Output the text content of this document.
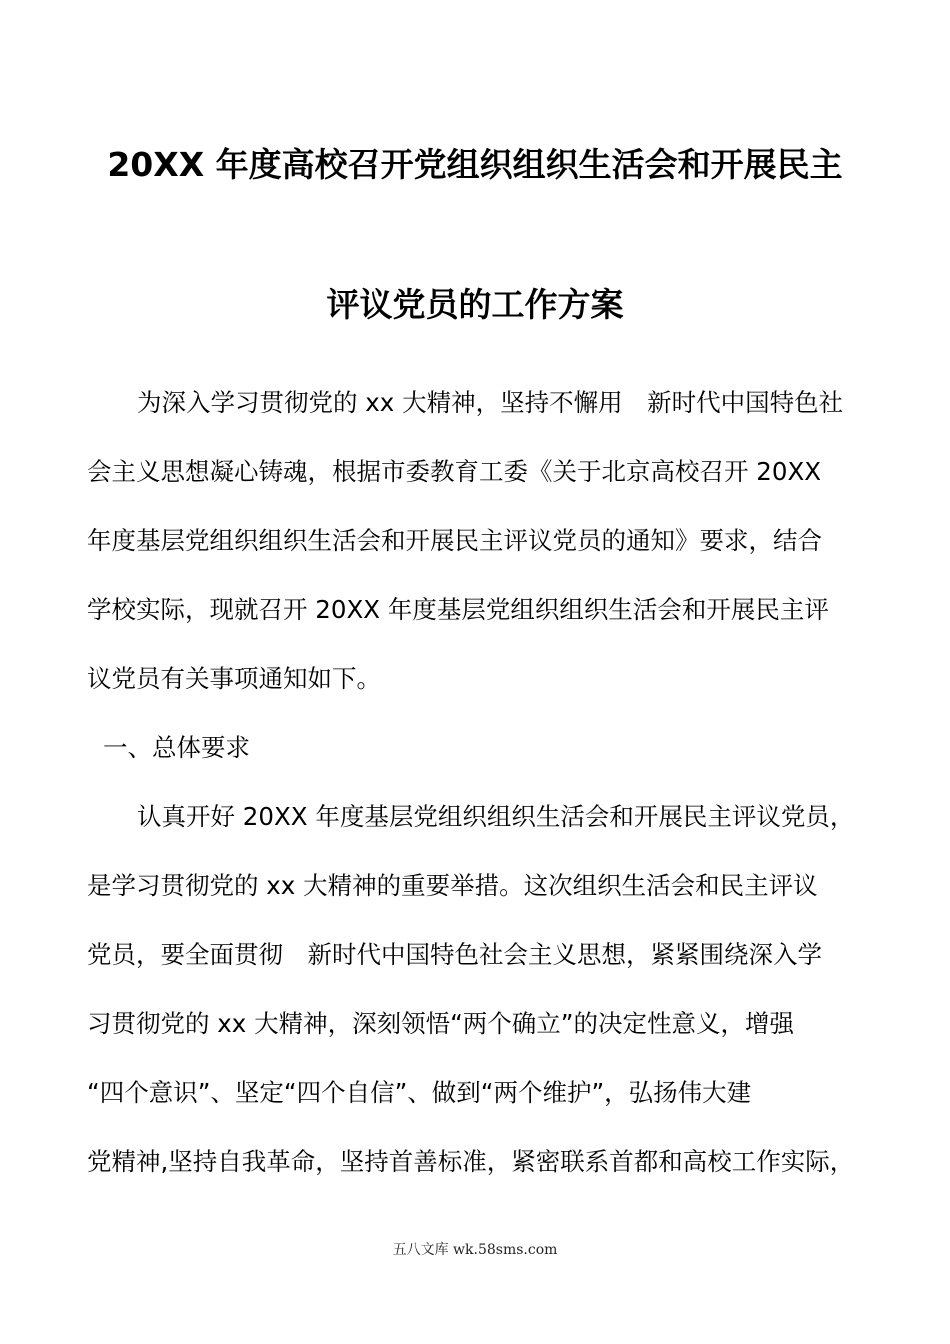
20XX 年度高校召开党组织组织生活会和开展民主
评议党员的工作方案
为深入学习贯彻党的 xx 大精神，坚持不懈用　新时代中国特色社
会主义思想凝心铸魂，根据市委教育工委《关于北京高校召开 20XX
年度基层党组织组织生活会和开展民主评议党员的通知》要求，结合
学校实际，现就召开 20XX 年度基层党组织组织生活会和开展民主评
议党员有关事项通知如下。
一、总体要求
认真开好 20XX 年度基层党组织组织生活会和开展民主评议党员，
是学习贯彻党的 xx 大精神的重要举措。这次组织生活会和民主评议
党员，要全面贯彻　新时代中国特色社会主义思想，紧紧围绕深入学
习贯彻党的 xx 大精神，深刻领悟“两个确立”的决定性意义，增强
“四个意识”、坚定“四个自信”、做到“两个维护”，弘扬伟大建
党精神,坚持自我革命，坚持首善标准，紧密联系首都和高校工作实际，
五八文库 wk.58sms.com
